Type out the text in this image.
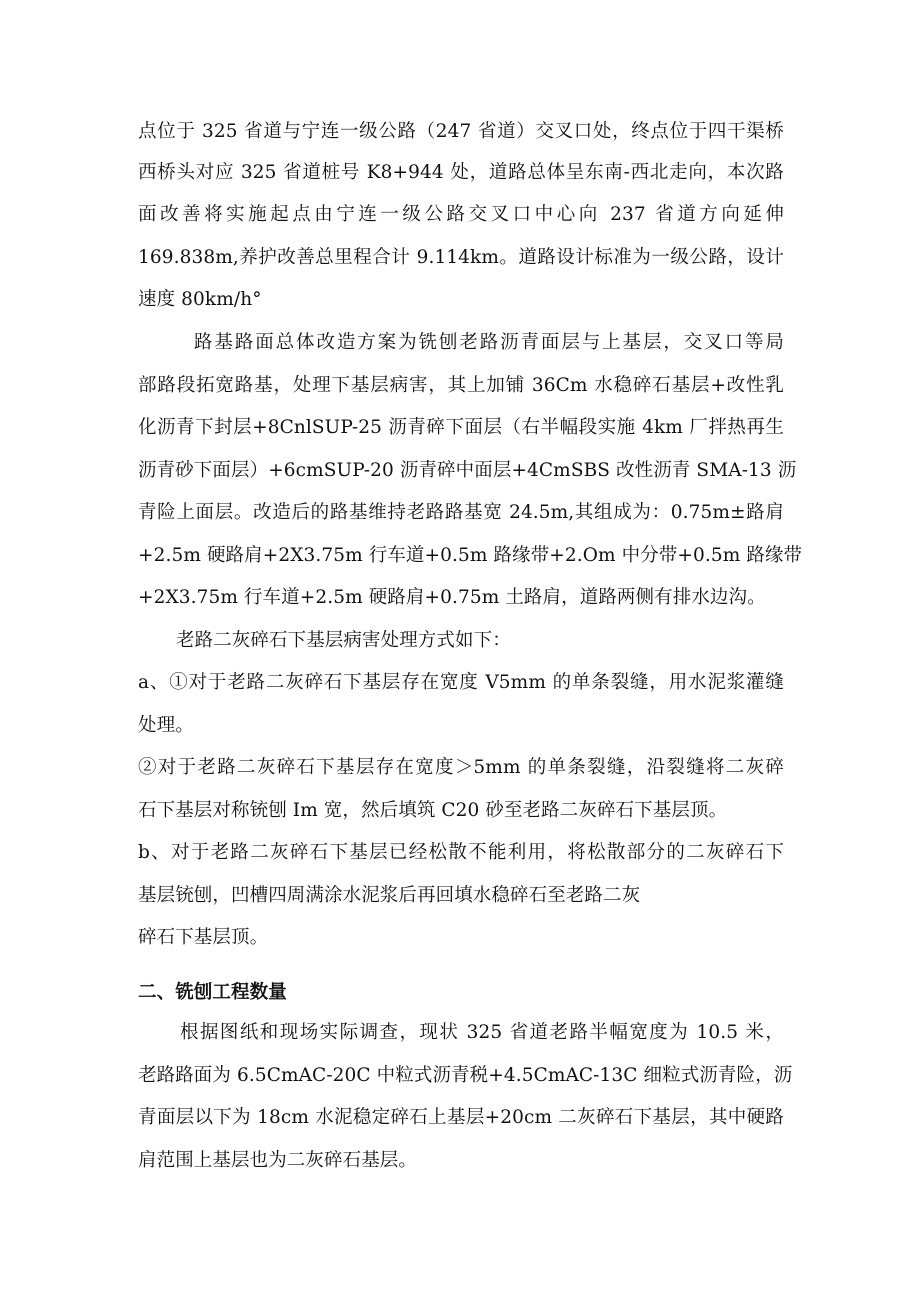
点位于 325 省道与宁连一级公路（247 省道）交叉口处，终点位于四干渠桥
西桥头对应 325 省道桩号 K8+944 处，道路总体呈东南-西北走向，本次路
面改善将实施起点由宁连一级公路交叉口中心向 237 省道方向延伸
169.838m,养护改善总里程合计 9.114km。道路设计标准为一级公路，设计
速度 80km/h°
路基路面总体改造方案为铣刨老路沥青面层与上基层，交叉口等局
部路段拓宽路基，处理下基层病害，其上加铺 36Cm 水稳碎石基层+改性乳
化沥青下封层+8CnlSUP-25 沥青碎下面层（右半幅段实施 4km 厂拌热再生
沥青砂下面层）+6cmSUP-20 沥青碎中面层+4CmSBS 改性沥青 SMA-13 沥
青险上面层。改造后的路基维持老路路基宽 24.5m,其组成为：0.75m±路肩
+2.5m 硬路肩+2X3.75m 行车道+0.5m 路缘带+2.Om 中分带+0.5m 路缘带
+2X3.75m 行车道+2.5m 硬路肩+0.75m 土路肩，道路两侧有排水边沟。
老路二灰碎石下基层病害处理方式如下：
a、①对于老路二灰碎石下基层存在宽度 V5mm 的单条裂缝，用水泥浆灌缝
处理。
②对于老路二灰碎石下基层存在宽度＞5mm 的单条裂缝，沿裂缝将二灰碎
石下基层对称铳刨 Im 宽，然后填筑 C20 砂至老路二灰碎石下基层顶。
b、对于老路二灰碎石下基层已经松散不能利用，将松散部分的二灰碎石下
基层铳刨，凹槽四周满涂水泥浆后再回填水稳碎石至老路二灰
碎石下基层顶。
二、铣刨工程数量
根据图纸和现场实际调查，现状 325 省道老路半幅宽度为 10.5 米，
老路路面为 6.5CmAC-20C 中粒式沥青税+4.5CmAC-13C 细粒式沥青险，沥
青面层以下为 18cm 水泥稳定碎石上基层+20cm 二灰碎石下基层，其中硬路
肩范围上基层也为二灰碎石基层。
